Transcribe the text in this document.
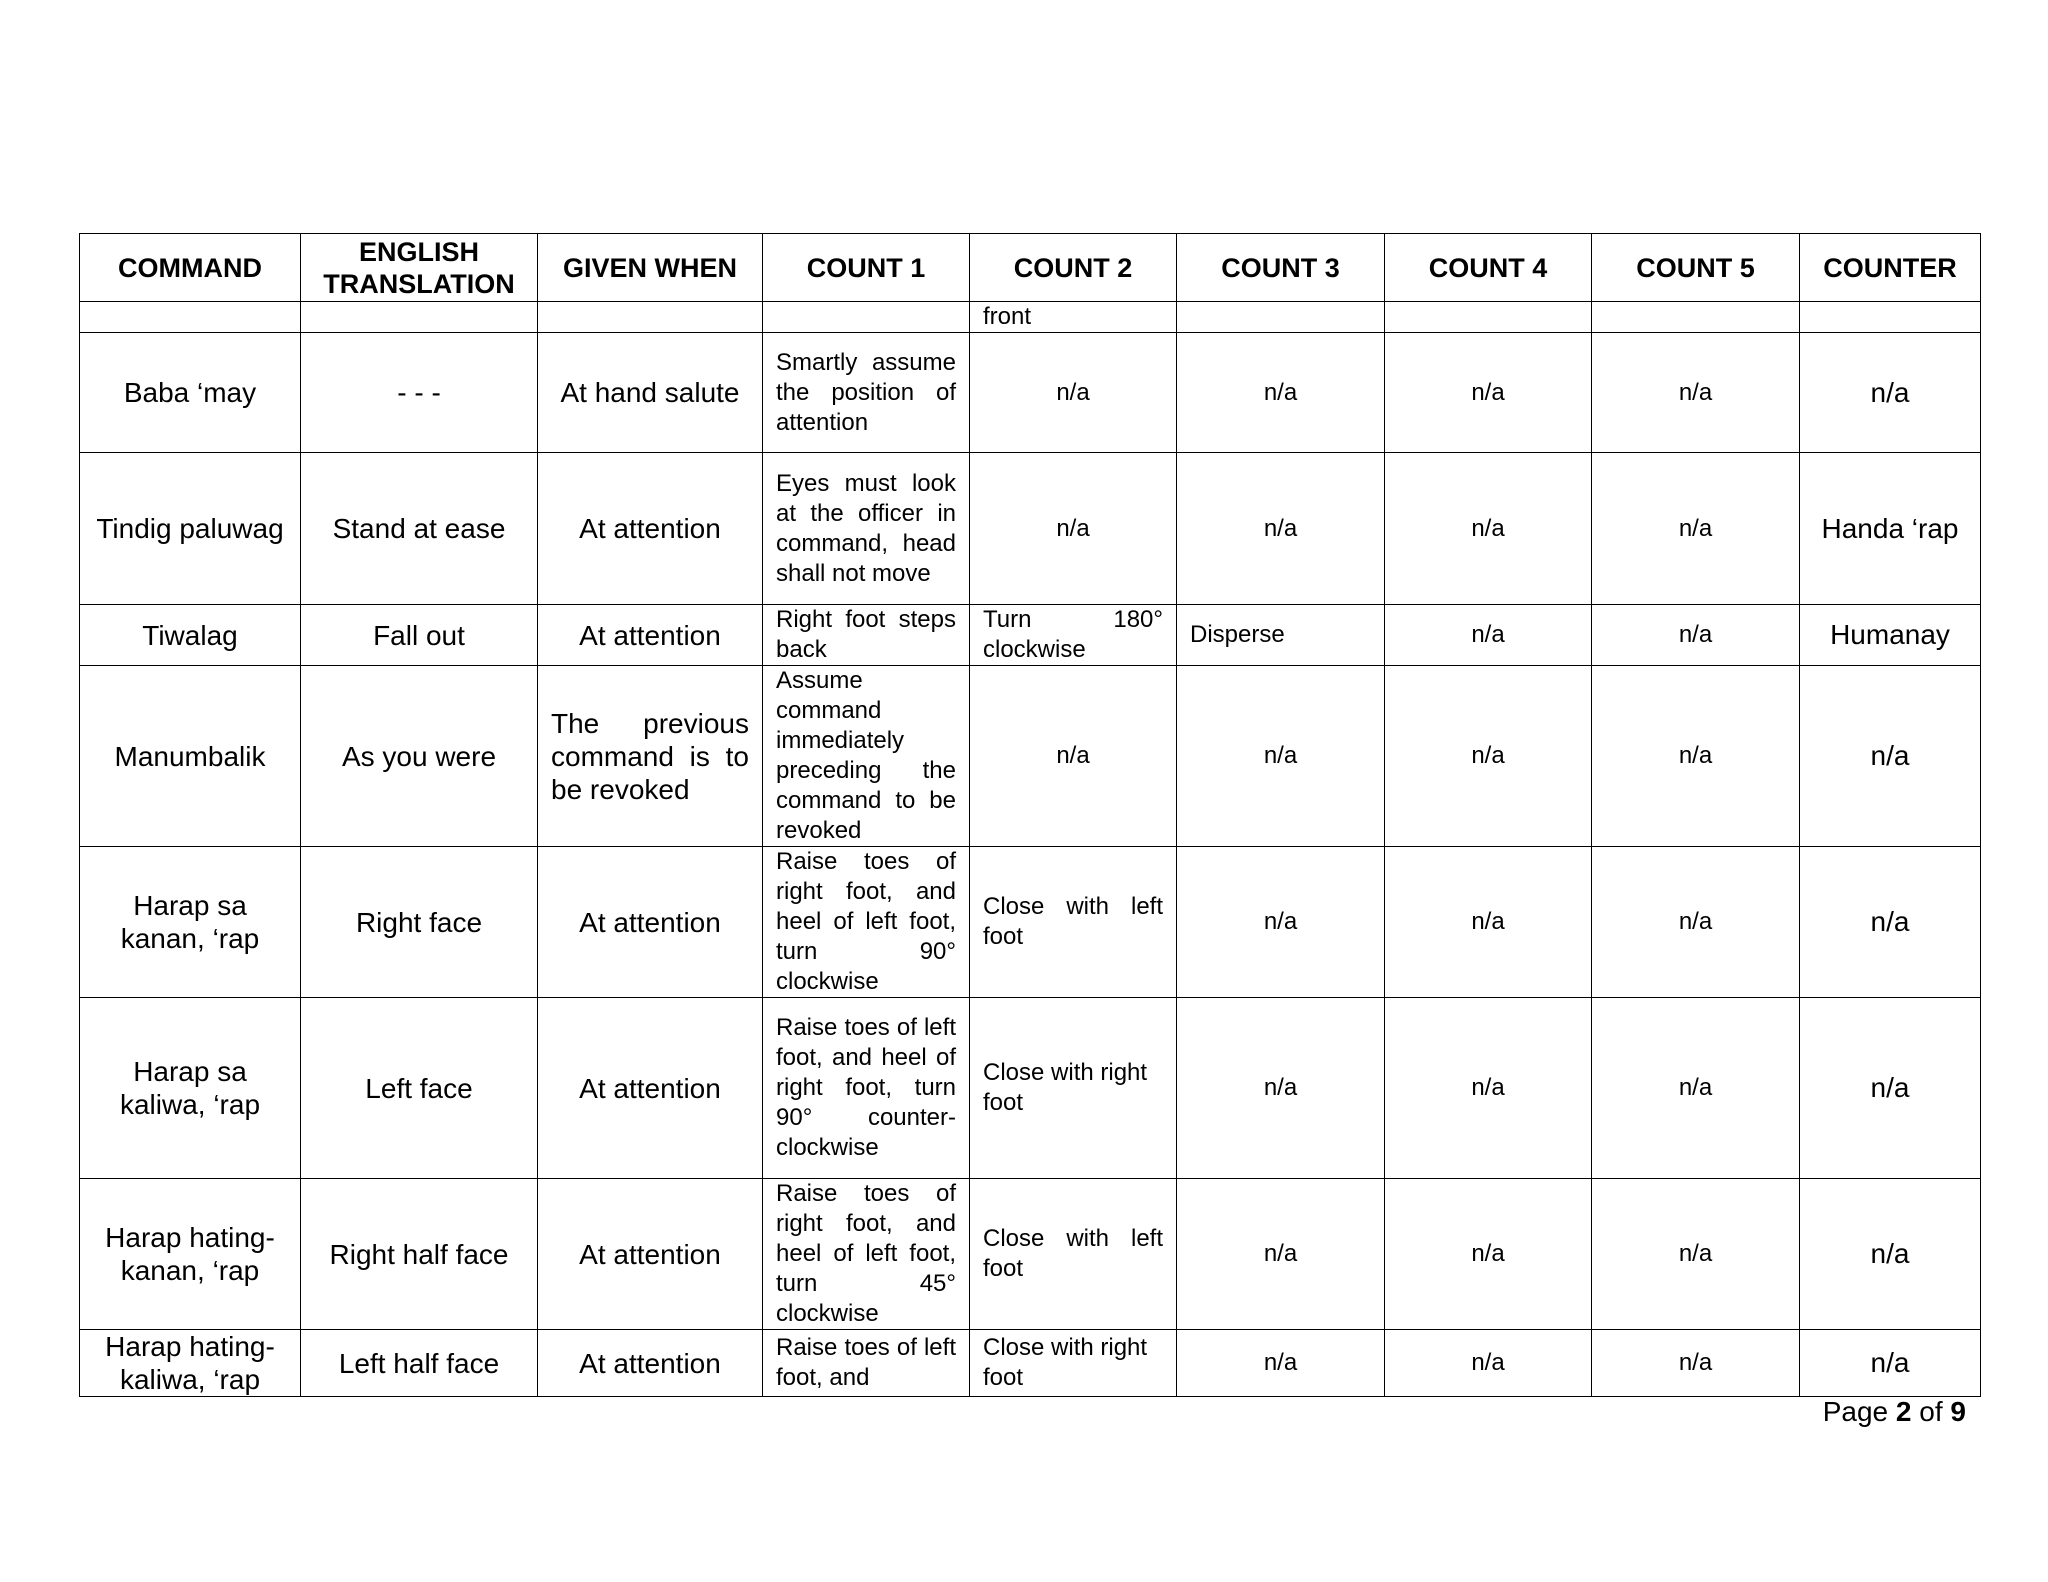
COMMAND	ENGLISH TRANSLATION	GIVEN WHEN	COUNT 1	COUNT 2	COUNT 3	COUNT 4	COUNT 5	COUNTER
				front				
Baba ‘may	- - -	At hand salute	Smartly assume the position of attention	n/a	n/a	n/a	n/a	n/a
Tindig paluwag	Stand at ease	At attention	Eyes must look at the officer in command, head shall not move	n/a	n/a	n/a	n/a	Handa ‘rap
Tiwalag	Fall out	At attention	Right foot steps back	Turn 180° clockwise	Disperse	n/a	n/a	Humanay
Manumbalik	As you were	The previous command is to be revoked	Assume command immediately preceding the command to be revoked	n/a	n/a	n/a	n/a	n/a
Harap sa kanan, ‘rap	Right face	At attention	Raise toes of right foot, and heel of left foot, turn 90° clockwise	Close with left foot	n/a	n/a	n/a	n/a
Harap sa kaliwa, ‘rap	Left face	At attention	Raise toes of left foot, and heel of right foot, turn 90° counter-clockwise	Close with right foot	n/a	n/a	n/a	n/a
Harap hating-kanan, ‘rap	Right half face	At attention	Raise toes of right foot, and heel of left foot, turn 45° clockwise	Close with left foot	n/a	n/a	n/a	n/a
Harap hating-kaliwa, ‘rap	Left half face	At attention	Raise toes of left foot, and	Close with right foot	n/a	n/a	n/a	n/a
Page 2 of 9
